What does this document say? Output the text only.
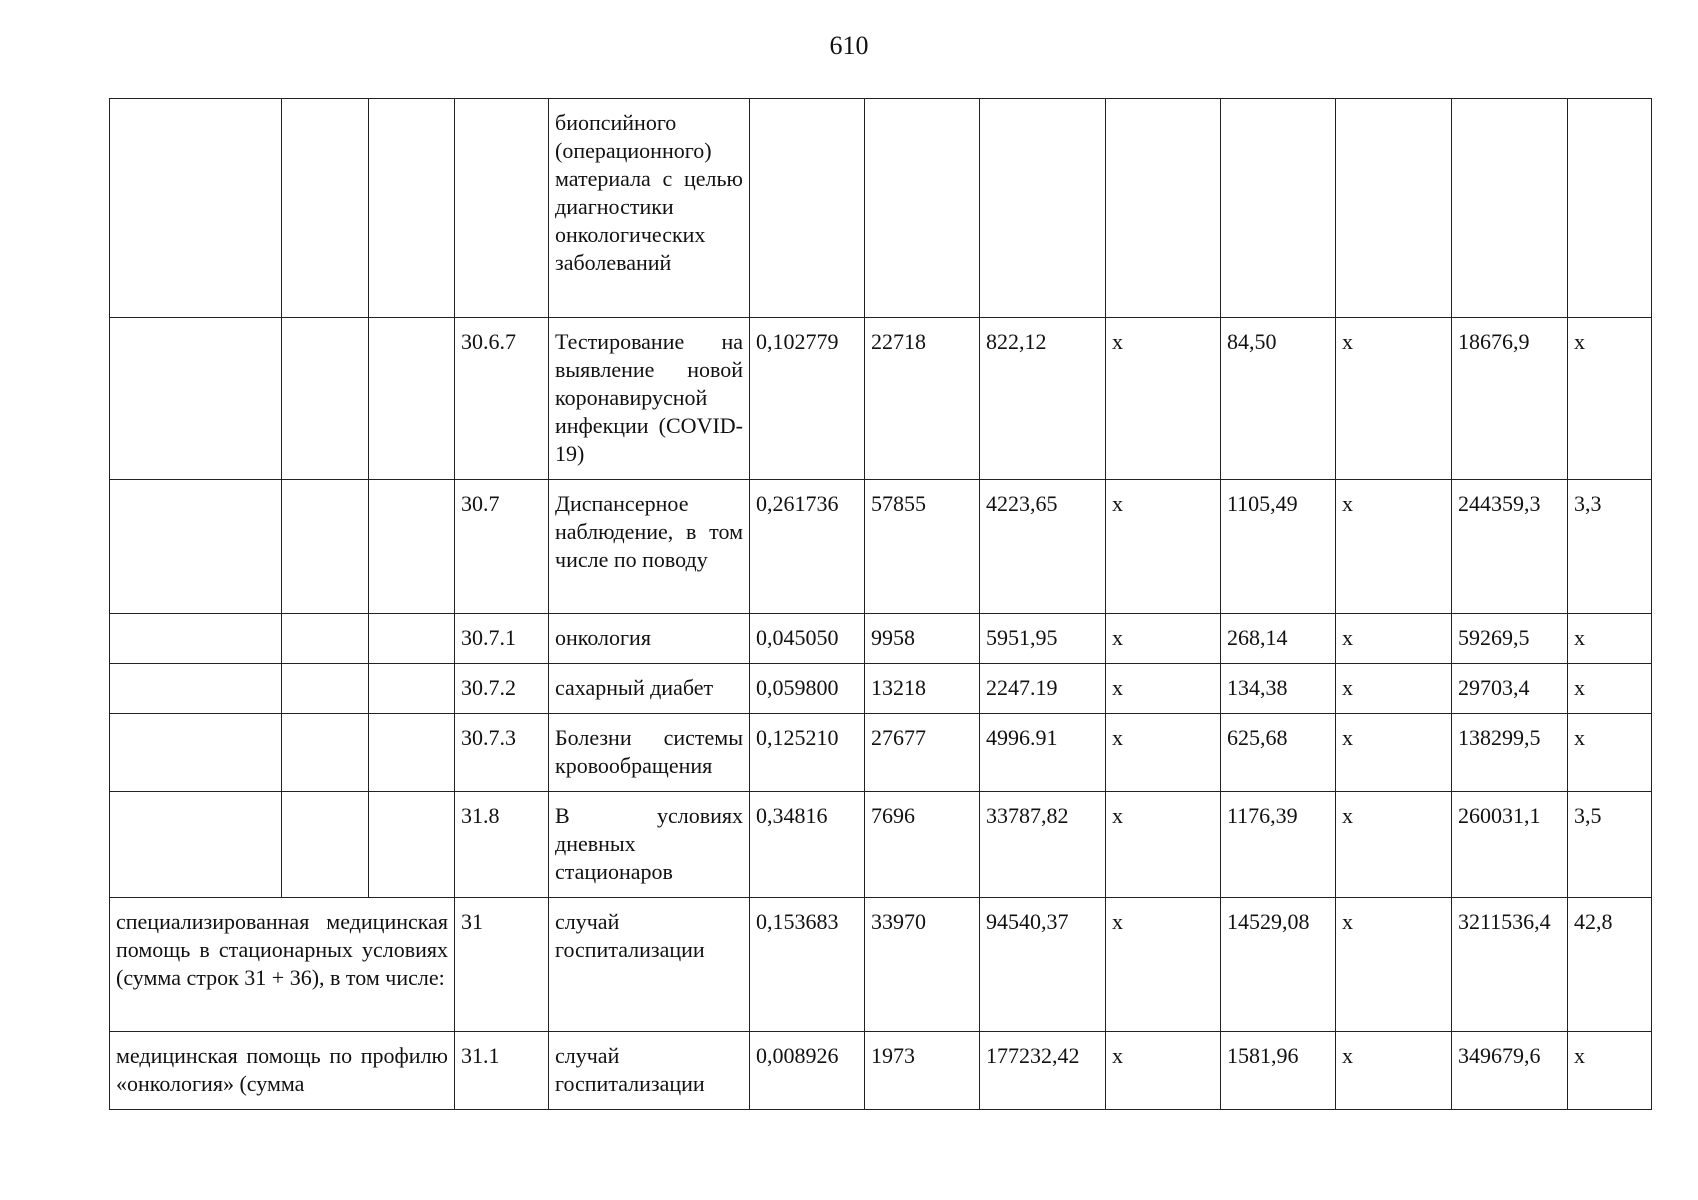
610
				биопсийного (операционного) материала с целью диагностики онкологических заболеваний								
			30.6.7	Тестирование на выявление новой коронавирусной инфекции (COVID-19)	0,102779	22718	822,12	х	84,50	х	18676,9	х
			30.7	Диспансерное наблюдение, в том числе по поводу	0,261736	57855	4223,65	х	1105,49	х	244359,3	3,3
			30.7.1	онкология	0,045050	9958	5951,95	х	268,14	х	59269,5	х
			30.7.2	сахарный диабет	0,059800	13218	2247.19	х	134,38	х	29703,4	х
			30.7.3	Болезни системы кровообращения	0,125210	27677	4996.91	х	625,68	х	138299,5	х
			31.8	В условиях дневных стационаров	0,34816	7696	33787,82	х	1176,39	х	260031,1	3,5
специализированная медицинская помощь в стационарных условиях (сумма строк 31 + 36), в том числе:			31	случай госпитализации	0,153683	33970	94540,37	х	14529,08	х	3211536,4	42,8
медицинская помощь по профилю «онкология» (сумма			31.1	случай госпитализации	0,008926	1973	177232,42	х	1581,96	х	349679,6	х
